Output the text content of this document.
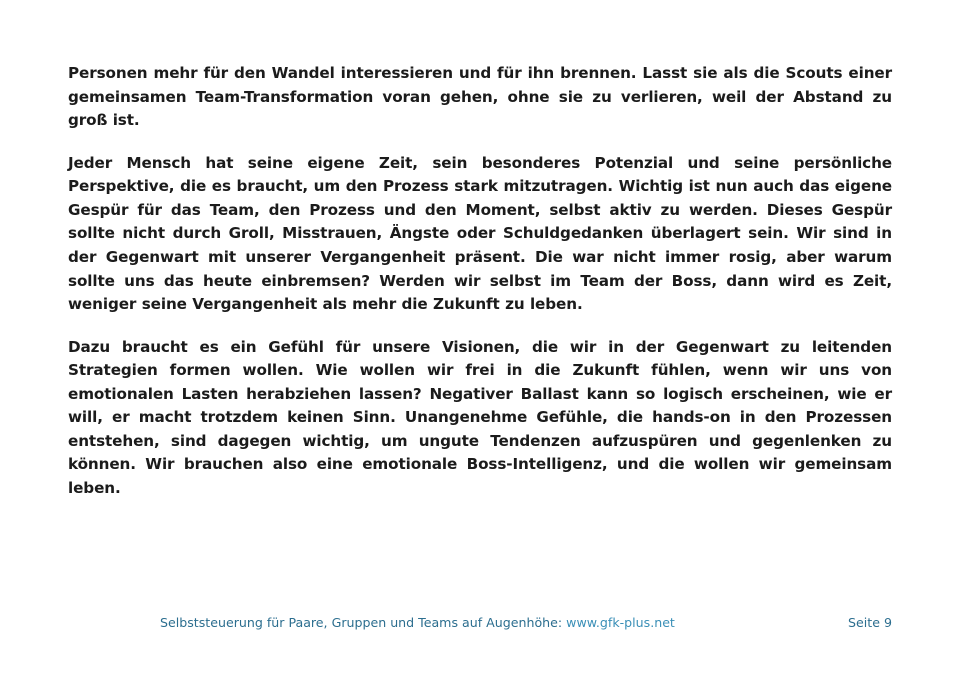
Personen mehr für den Wandel interessieren und für ihn brennen. Lasst sie als die Scouts einer gemeinsamen Team-Transformation voran gehen, ohne sie zu verlieren, weil der Abstand zu groß ist.

Jeder Mensch hat seine eigene Zeit, sein besonderes Potenzial und seine persönliche Perspektive, die es braucht, um den Prozess stark mitzutragen. Wichtig ist nun auch das eigene Gespür für das Team, den Prozess und den Moment, selbst aktiv zu werden. Dieses Gespür sollte nicht durch Groll, Misstrauen, Ängste oder Schuldgedanken überlagert sein. Wir sind in der Gegenwart mit unserer Vergangenheit präsent. Die war nicht immer rosig, aber warum sollte uns das heute einbremsen? Werden wir selbst im Team der Boss, dann wird es Zeit, weniger seine Vergangenheit als mehr die Zukunft zu leben.

Dazu braucht es ein Gefühl für unsere Visionen, die wir in der Gegenwart zu leitenden Strategien formen wollen. Wie wollen wir frei in die Zukunft fühlen, wenn wir uns von emotionalen Lasten herabziehen lassen? Negativer Ballast kann so logisch erscheinen, wie er will, er macht trotzdem keinen Sinn. Unangenehme Gefühle, die hands-on in den Prozessen entstehen, sind dagegen wichtig, um ungute Tendenzen aufzuspüren und gegenlenken zu können. Wir brauchen also eine emotionale Boss-Intelligenz, und die wollen wir gemeinsam leben.

Selbststeuerung für Paare, Gruppen und Teams auf Augenhöhe: www.gfk-plus.net	Seite 9
